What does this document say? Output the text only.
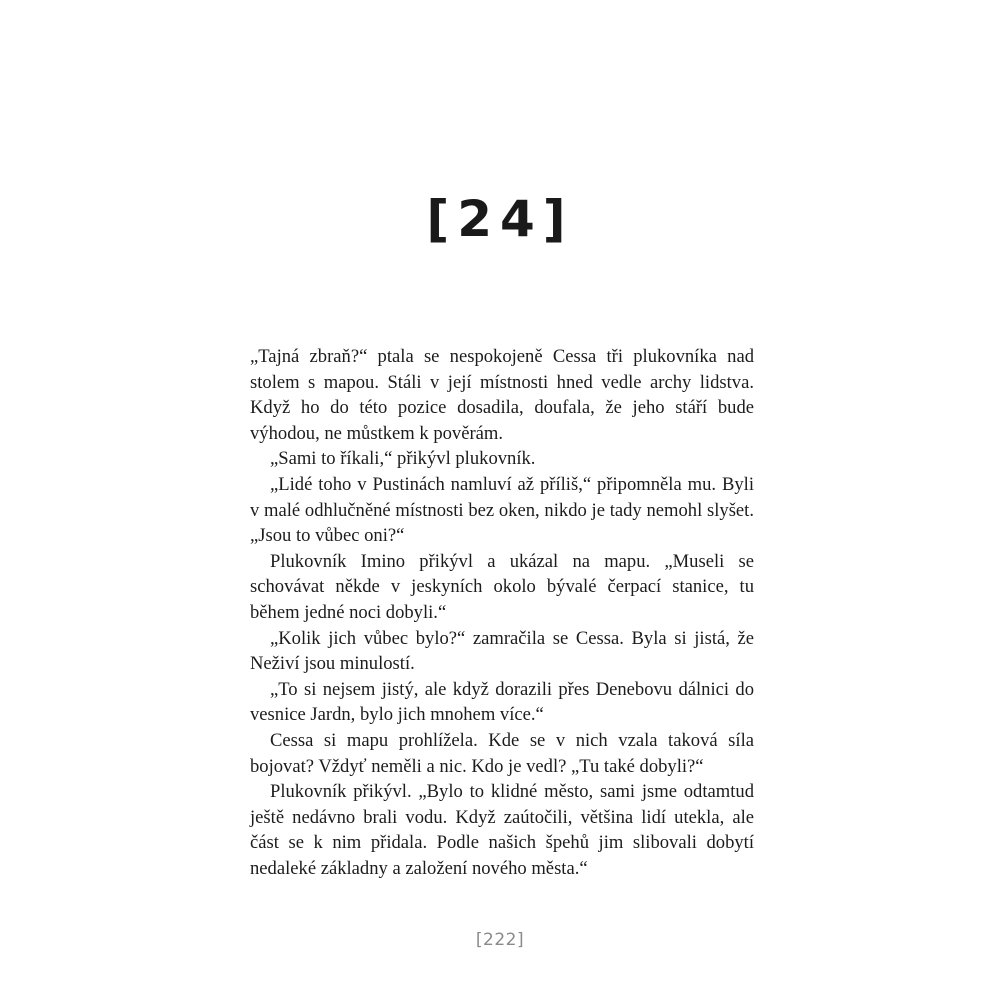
[24]

„Tajná zbraň?“ ptala se nespokojeně Cessa tři plukovníka nad stolem s mapou. Stáli v její místnosti hned vedle archy lidstva. Když ho do této pozice dosadila, doufala, že jeho stáří bude výhodou, ne můstkem k pověrám.

„Sami to říkali,“ přikývl plukovník.

„Lidé toho v Pustinách namluví až příliš,“ připomněla mu. Byli v malé odhlučněné místnosti bez oken, nikdo je tady nemohl slyšet. „Jsou to vůbec oni?“

Plukovník Imino přikývl a ukázal na mapu. „Museli se schovávat někde v jeskyních okolo bývalé čerpací stanice, tu během jedné noci dobyli.“

„Kolik jich vůbec bylo?“ zamračila se Cessa. Byla si jistá, že Neživí jsou minulostí.

„To si nejsem jistý, ale když dorazili přes Denebovu dálnici do vesnice Jardn, bylo jich mnohem více.“

Cessa si mapu prohlížela. Kde se v nich vzala taková síla bojovat? Vždyť neměli a nic. Kdo je vedl? „Tu také dobyli?“

Plukovník přikývl. „Bylo to klidné město, sami jsme odtamtud ještě nedávno brali vodu. Když zaútočili, většina lidí utekla, ale část se k nim přidala. Podle našich špehů jim slibovali dobytí nedaleké základny a založení nového města.“

[222]
